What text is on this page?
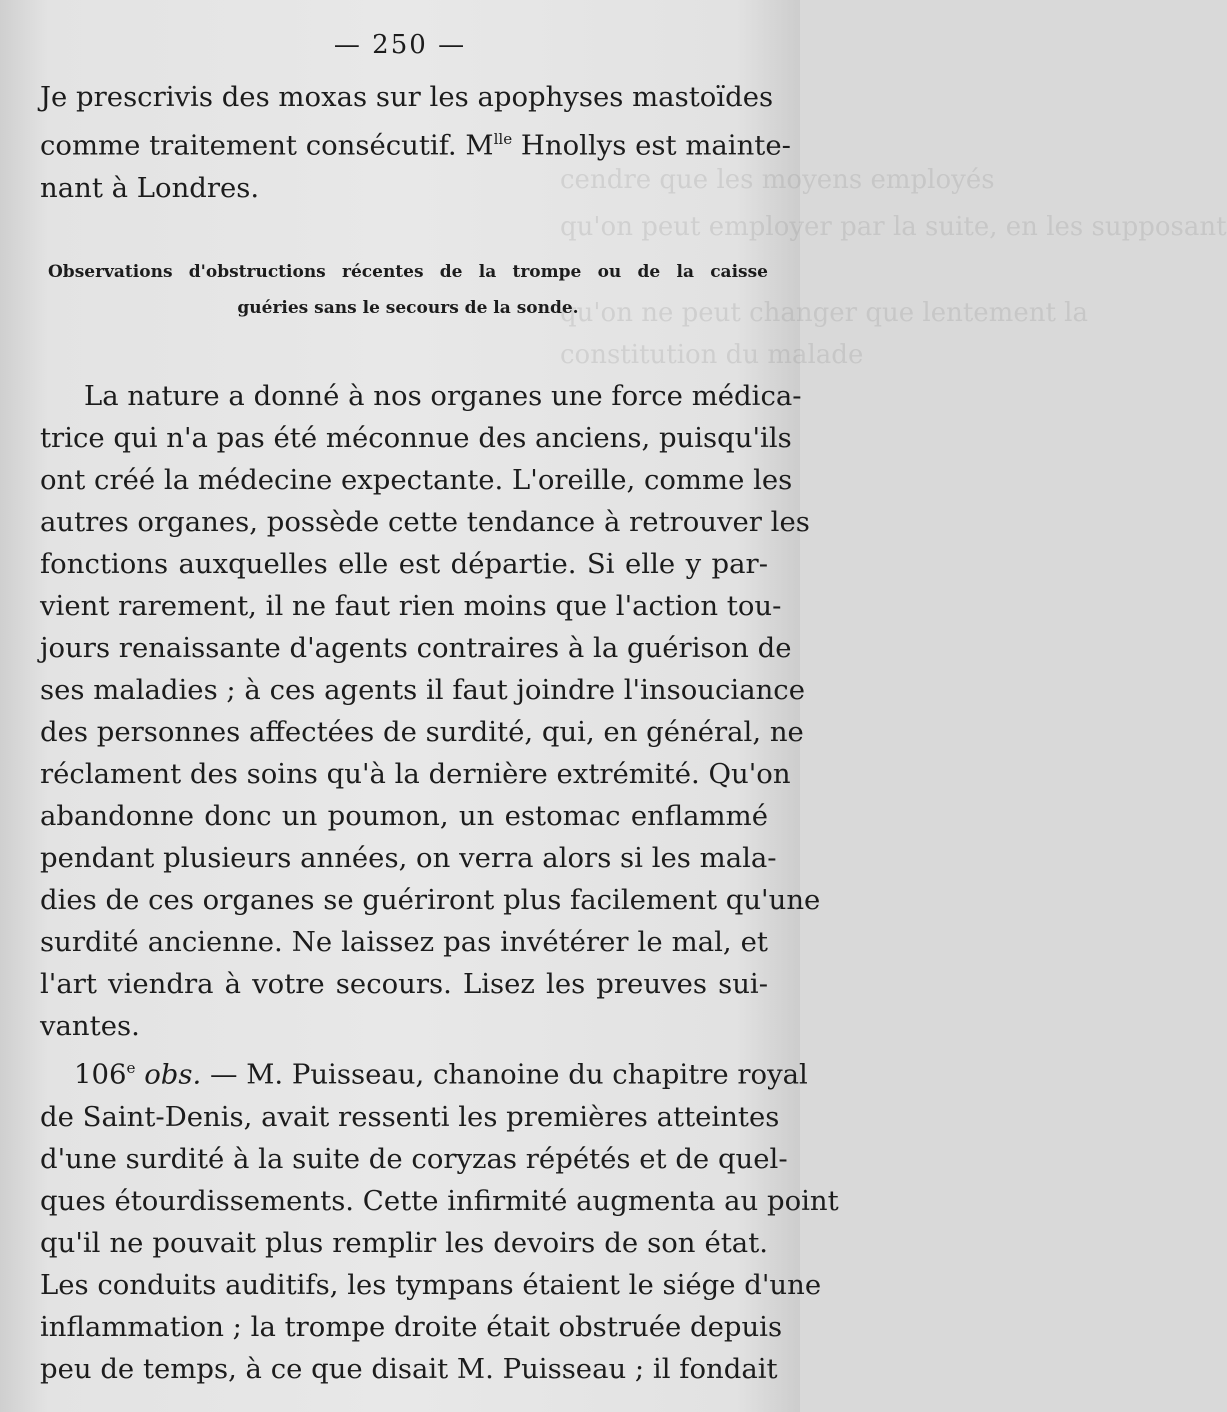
cendre que les moyens employés
qu'on peut employer par la suite, en les supposant
qu'on ne peut changer que lentement la
constitution du malade
— 250 —
Je prescrivis des moxas sur les apophyses mastoïdes
comme traitement consécutif. $M^{lle}$ Hnollys est mainte-
nant à Londres.
Observations d'obstructions récentes de la trompe ou de la caisse
guéries sans le secours de la sonde.
La nature a donné à nos organes une force médica-
trice qui n'a pas été méconnue des anciens, puisqu'ils
ont créé la médecine expectante. L'oreille, comme les
autres organes, possède cette tendance à retrouver les
fonctions auxquelles elle est départie. Si elle y par-
vient rarement, il ne faut rien moins que l'action tou-
jours renaissante d'agents contraires à la guérison de
ses maladies ; à ces agents il faut joindre l'insouciance
des personnes affectées de surdité, qui, en général, ne
réclament des soins qu'à la dernière extrémité. Qu'on
abandonne donc un poumon, un estomac enflammé
pendant plusieurs années, on verra alors si les mala-
dies de ces organes se guériront plus facilement qu'une
surdité ancienne. Ne laissez pas invétérer le mal, et
l'art viendra à votre secours. Lisez les preuves sui-
vantes.
106e obs. — M. Puisseau, chanoine du chapitre royal
de Saint-Denis, avait ressenti les premières atteintes
d'une surdité à la suite de coryzas répétés et de quel-
ques étourdissements. Cette infirmité augmenta au point
qu'il ne pouvait plus remplir les devoirs de son état.
Les conduits auditifs, les tympans étaient le siége d'une
inflammation ; la trompe droite était obstruée depuis
peu de temps, à ce que disait M. Puisseau ; il fondait
